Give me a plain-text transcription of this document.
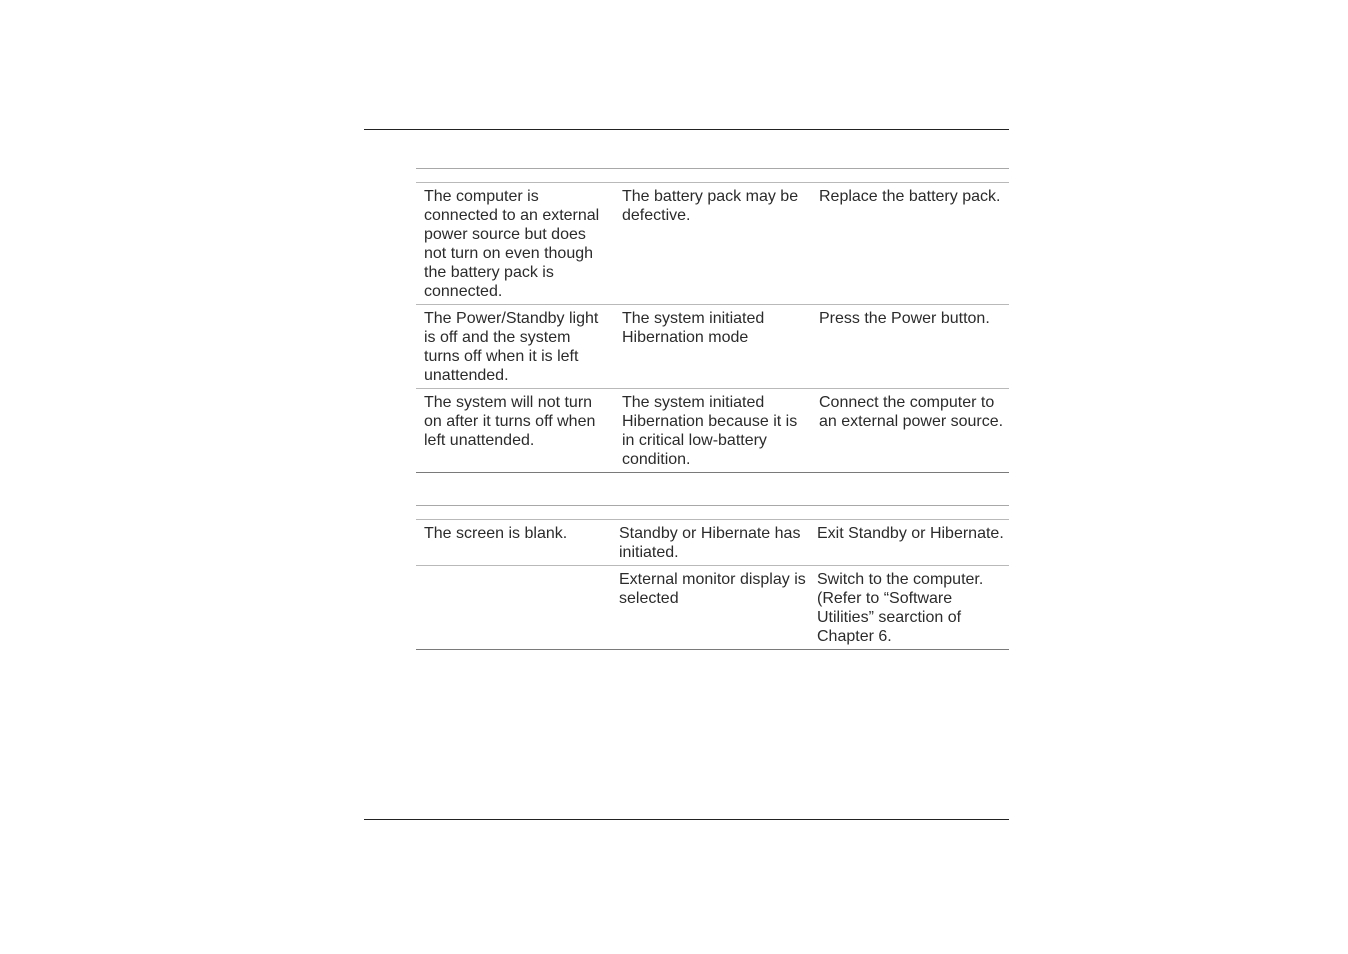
The computer is connected to an external power source but does not turn on even though the battery pack is connected.	The battery pack may be defective.	Replace the battery pack.
The Power/Standby light is off and the system turns off when it is left unattended.	The system initiated Hibernation mode	Press the Power button.
The system will not turn on after it turns off when left unattended.	The system initiated Hibernation because it is in critical low-battery condition.	Connect the computer to an external power source.

The screen is blank.	Standby or Hibernate has initiated.	Exit Standby or Hibernate.
	External monitor display is selected	Switch to the computer. (Refer to “Software Utilities” searction of Chapter 6.
